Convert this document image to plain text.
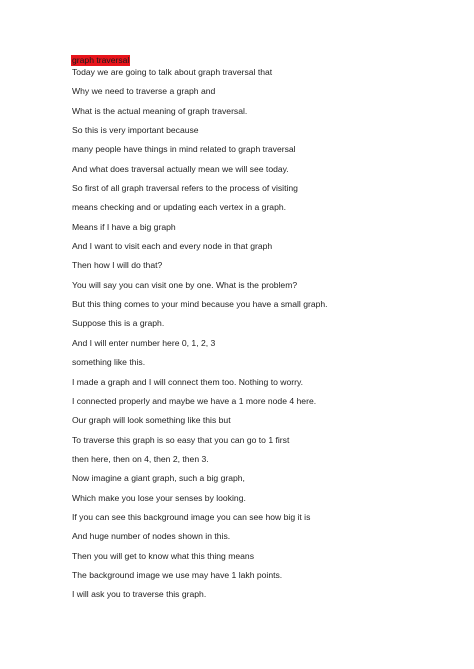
graph traversal
Today we are going to talk about graph traversal that
Why we need to traverse a graph and
What is the actual meaning of graph traversal.
So this is very important because
many people have things in mind related to graph traversal
And what does traversal actually mean we will see today.
So first of all graph traversal refers to the process of visiting
means checking and or updating each vertex in a graph.
Means if I have a big graph
And I want to visit each and every node in that graph
Then how I will do that?
You will say you can visit one by one. What is the problem?
But this thing comes to your mind because you have a small graph.
Suppose this is a graph.
And I will enter number here 0, 1, 2, 3
something like this.
I made a graph and I will connect them too. Nothing to worry.
I connected properly and maybe we have a 1 more node 4 here.
Our graph will look something like this but
To traverse this graph is so easy that you can go to 1 first
then here, then on 4, then 2, then 3.
Now imagine a giant graph, such a big graph,
Which make you lose your senses by looking.
If you can see this background image you can see how big it is
And huge number of nodes shown in this.
Then you will get to know what this thing means
The background image we use may have 1 lakh points.
I will ask you to traverse this graph.
